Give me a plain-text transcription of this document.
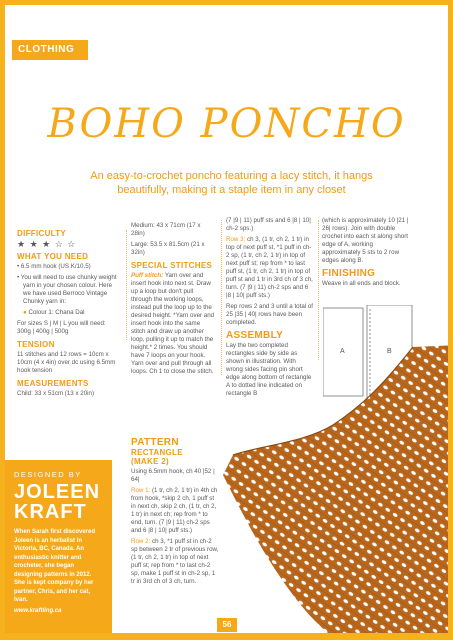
CLOTHING
BOHO PONCHO
An easy-to-crochet poncho featuring a lacy stitch, it hangs beautifully, making it a staple item in any closet
DIFFICULTY
★ ★ ★ ☆ ☆
WHAT YOU NEED
• 6.5 mm hook (US K/10.5)
• You will need to use chunky weight yarn in your chosen colour. Here we have used Berroco Vintage Chunky yarn in:
● Colour 1: Chana Dal
For sizes S | M | L you will need: 300g | 400g | 500g
TENSION
11 stitches and 12 rows = 10cm x 10cm (4 x 4in) over dc using 6.5mm hook tension
MEASUREMENTS
Child: 33 x 51cm (13 x 20in)
Medium: 43 x 71cm (17 x 28in)
Large: 53.5 x 81.5cm (21 x 32in)
SPECIAL STITCHES
Puff stitch: Yarn over and insert hook into next st. Draw up a loop but don't pull through the working loops, instead pull the loop up to the desired height. *Yarn over and insert hook into the same stitch and draw up another loop, pulling it up to match the height.* 2 times. You should have 7 loops on your hook. Yarn over and pull through all loops. Ch 1 to close the stitch.
(7 |9 | 11) puff sts and 6 |8 | 10| ch-2 sps.)
Row 3: ch 3, (1 tr, ch 2, 1 tr) in top of next puff st, *1 puff in ch-2 sp, (1 tr, ch 2, 1 tr) in top of next puff st; rep from * to last puff st, (1 tr, ch 2, 1 tr) in top of puff st and 1 tr in 3rd ch of 3 ch, turn. (7 |9 | 11) ch-2 sps and 6 |8 | 10| puff sts.)
Rep rows 2 and 3 until a total of 25 |35 | 40| rows have been completed.
ASSEMBLY
Lay the two completed rectangles side by side as shown in illustration. With wrong sides facing pin short edge along bottom of rectangle A to dotted line indicated on rectangle B
(which is approximately 10 |21 | 26| rows). Join with double crochet into each st along short edge of A, working approximately 5 sts to 2 row edges along B.
FINISHING
Weave in all ends and block.
A	B
PATTERN
RECTANGLE
(MAKE 2)
Using 6.5mm hook, ch 40 |52 | 64|
Row 1: (1 tr, ch 2, 1 tr) in 4th ch from hook, *skip 2 ch, 1 puff st in next ch, skip 2 ch, (1 tr, ch 2, 1 tr) in next ch; rep from * to end, turn. (7 |9 | 11) ch-2 sps and 6 |8 | 10| puff sts.)
Row 2: ch 3, *1 puff st in ch-2 sp between 2 tr of previous row, (1 tr, ch 2, 1 tr) in top of next puff st; rep from * to last ch-2 sp, make 1 puff st in ch-2 sp, 1 tr in 3rd ch of 3 ch, turn.
DESIGNED BY
JOLEEN
KRAFT
When Sarah first discovered Joleen is an herbalist in Victoria, BC, Canada. An enthusiastic knitter and crocheter, she began designing patterns in 2012. She is kept company by her partner, Chris, and her cat, Ivan.
www.kraftling.ca
56
